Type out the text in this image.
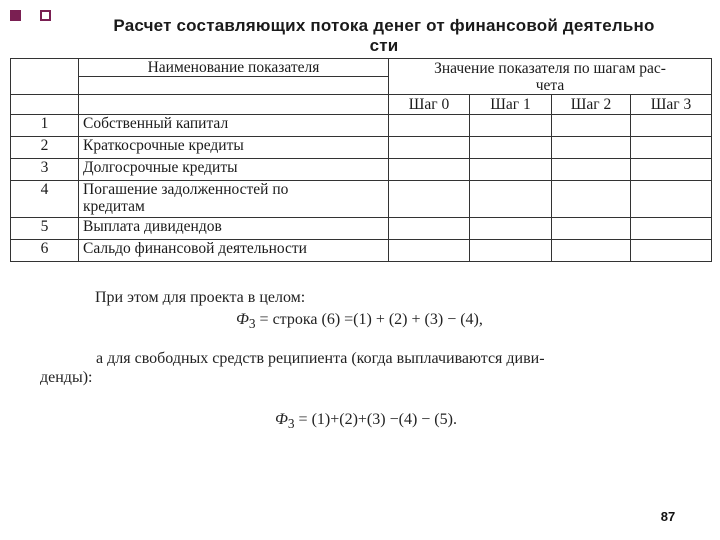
Расчет составляющих потока денег от финансовой деятельно
сти
	Наименование показателя	Значение показателя по шагам рас-
чета			

		Шаг 0	Шаг 1	Шаг 2	Шаг 3
1	Собственный капитал				
2	Краткосрочные кредиты				
3	Долгосрочные кредиты				
4	Погашение задолженностей по
кредитам				

5	Выплата дивидендов				
6	Сальдо финансовой деятельности				
При этом для проекта в целом:
$Ф_3$ = строка (6) =(1) + (2) + (3) − (4),
а для свободных средств реципиента (когда выплачиваются диви-
денды):
$Ф_3 = (1)+(2)+(3) -(4) - (5)$.
87
